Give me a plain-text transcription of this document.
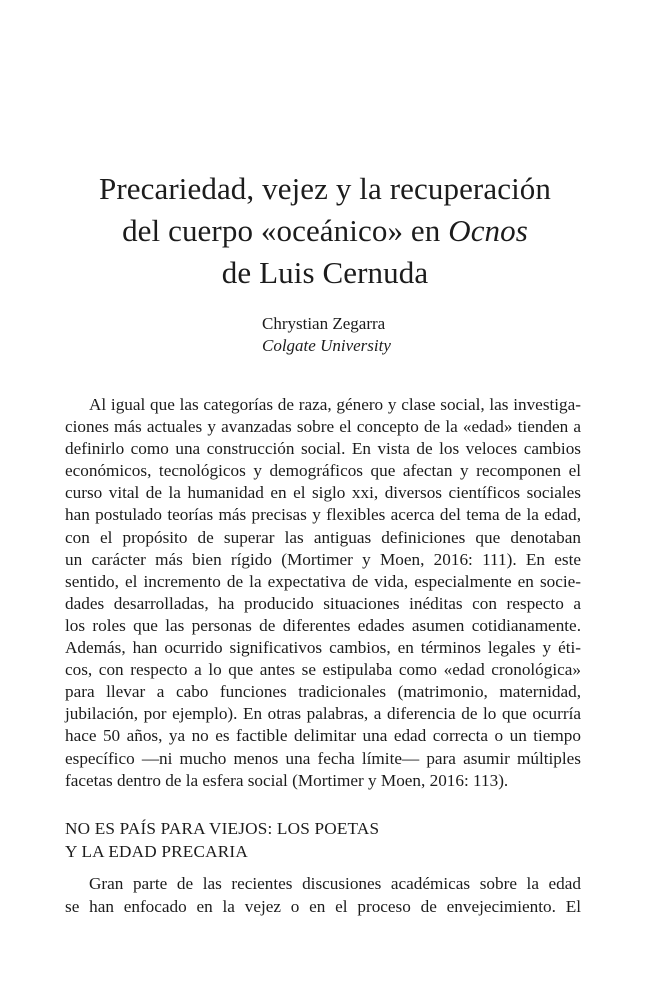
Precariedad, vejez y la recuperación
del cuerpo «oceánico» en Ocnos
de Luis Cernuda
Chrystian Zegarra
Colgate University
Al igual que las categorías de raza, género y clase social, las investiga-
ciones más actuales y avanzadas sobre el concepto de la «edad» tienden a
definirlo como una construcción social. En vista de los veloces cambios
económicos, tecnológicos y demográficos que afectan y recomponen el
curso vital de la humanidad en el siglo xxi, diversos científicos sociales
han postulado teorías más precisas y flexibles acerca del tema de la edad,
con el propósito de superar las antiguas definiciones que denotaban
un carácter más bien rígido (Mortimer y Moen, 2016: 111). En este
sentido, el incremento de la expectativa de vida, especialmente en socie-
dades desarrolladas, ha producido situaciones inéditas con respecto a
los roles que las personas de diferentes edades asumen cotidianamente.
Además, han ocurrido significativos cambios, en términos legales y éti-
cos, con respecto a lo que antes se estipulaba como «edad cronológica»
para llevar a cabo funciones tradicionales (matrimonio, maternidad,
jubilación, por ejemplo). En otras palabras, a diferencia de lo que ocurría
hace 50 años, ya no es factible delimitar una edad correcta o un tiempo
específico —ni mucho menos una fecha límite— para asumir múltiples
facetas dentro de la esfera social (Mortimer y Moen, 2016: 113).
NO ES PAÍS PARA VIEJOS: LOS POETAS
Y LA EDAD PRECARIA
Gran parte de las recientes discusiones académicas sobre la edad
se han enfocado en la vejez o en el proceso de envejecimiento. El
